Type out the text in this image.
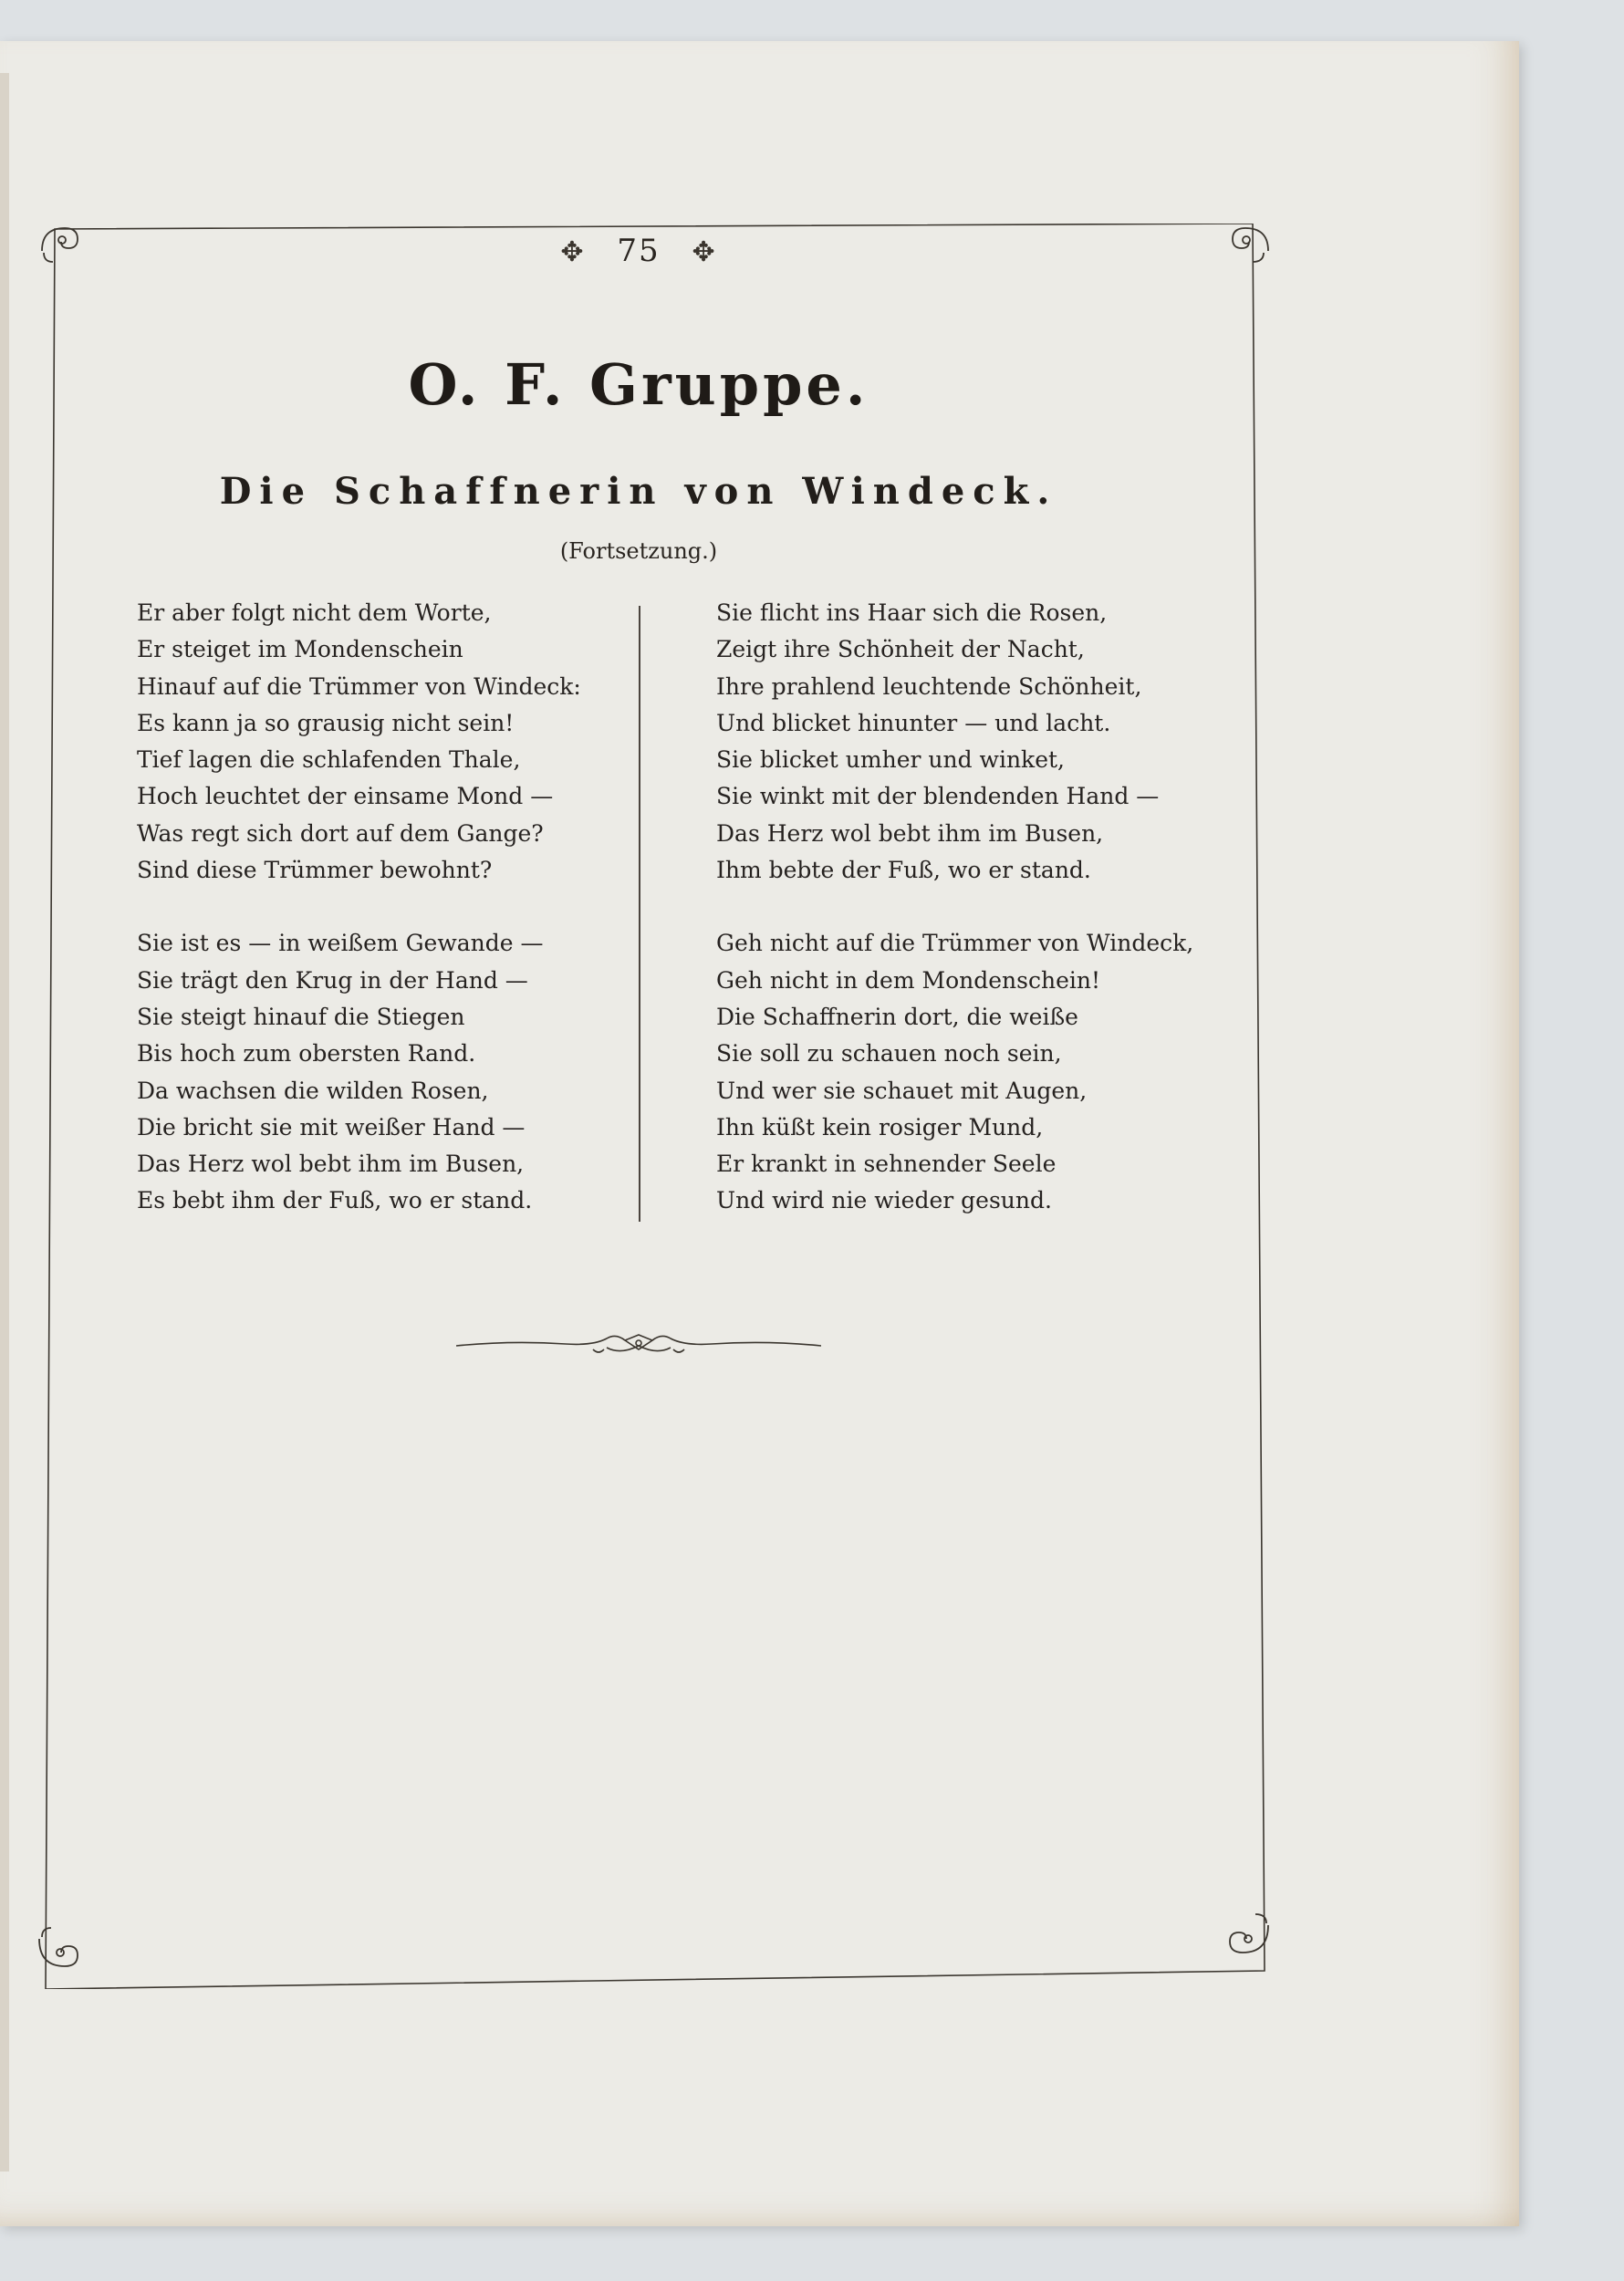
✥ 75 ✥
O. F. Gruppe.
Die Schaffnerin von Windeck.
(Fortsetzung.)
Er aber folgt nicht dem Worte,
Er steiget im Mondenschein
Hinauf auf die Trümmer von Windeck:
Es kann ja so grausig nicht sein!
Tief lagen die schlafenden Thale,
Hoch leuchtet der einsame Mond —
Was regt sich dort auf dem Gange?
Sind diese Trümmer bewohnt?
Sie ist es — in weißem Gewande —
Sie trägt den Krug in der Hand —
Sie steigt hinauf die Stiegen
Bis hoch zum obersten Rand.
Da wachsen die wilden Rosen,
Die bricht sie mit weißer Hand —
Das Herz wol bebt ihm im Busen,
Es bebt ihm der Fuß, wo er stand.
Sie flicht ins Haar sich die Rosen,
Zeigt ihre Schönheit der Nacht,
Ihre prahlend leuchtende Schönheit,
Und blicket hinunter — und lacht.
Sie blicket umher und winket,
Sie winkt mit der blendenden Hand —
Das Herz wol bebt ihm im Busen,
Ihm bebte der Fuß, wo er stand.
Geh nicht auf die Trümmer von Windeck,
Geh nicht in dem Mondenschein!
Die Schaffnerin dort, die weiße
Sie soll zu schauen noch sein,
Und wer sie schauet mit Augen,
Ihn küßt kein rosiger Mund,
Er krankt in sehnender Seele
Und wird nie wieder gesund.
